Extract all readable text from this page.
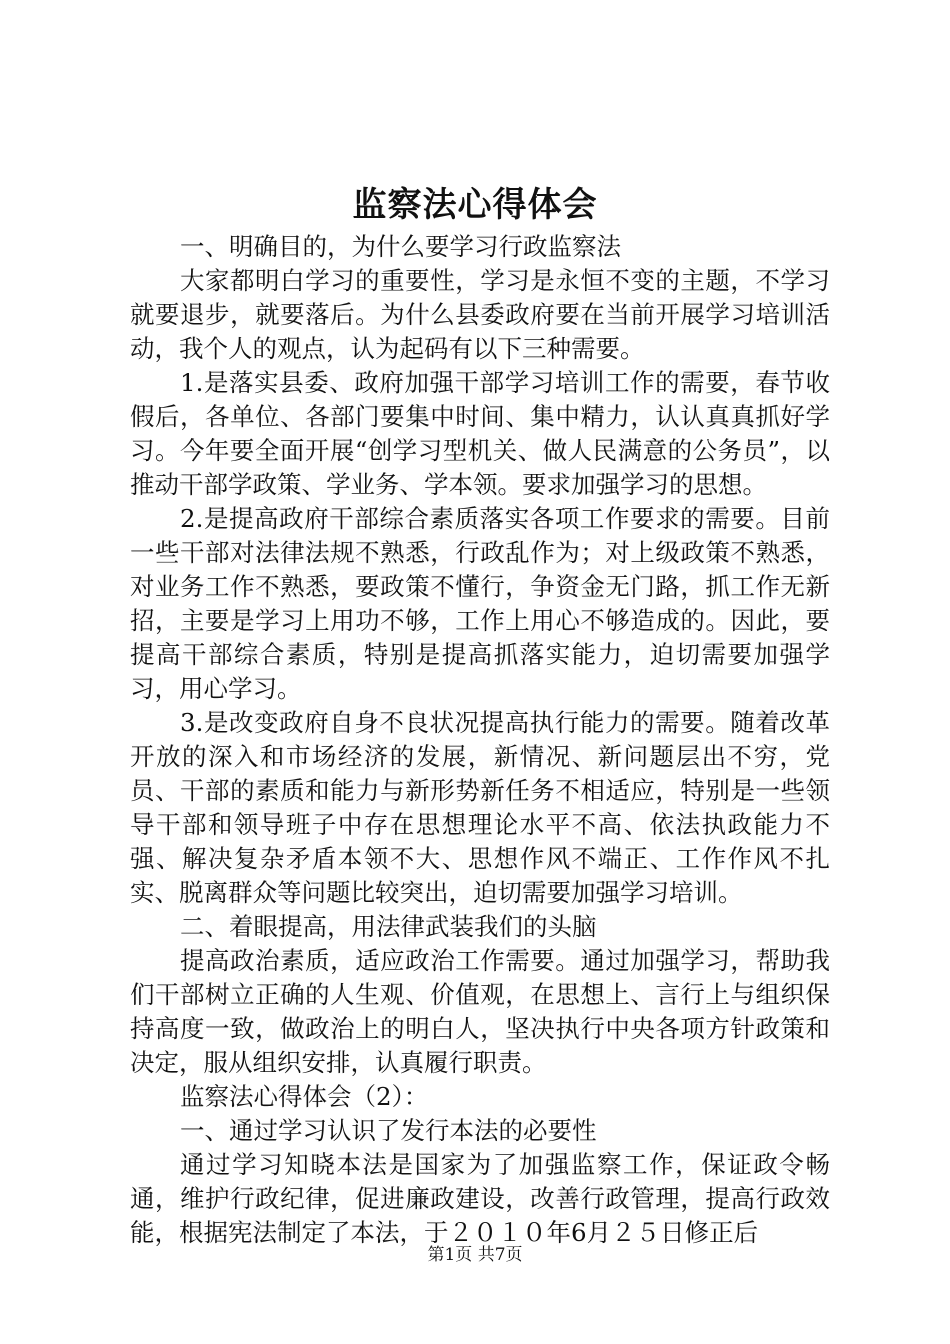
监察法心得体会

一、明确目的，为什么要学习行政监察法

大家都明白学习的重要性，学习是永恒不变的主题，不学习就要退步，就要落后。为什么县委政府要在当前开展学习培训活动，我个人的观点，认为起码有以下三种需要。

1.是落实县委、政府加强干部学习培训工作的需要，春节收假后，各单位、各部门要集中时间、集中精力，认认真真抓好学习。今年要全面开展“创学习型机关、做人民满意的公务员”，以推动干部学政策、学业务、学本领。要求加强学习的思想。

2.是提高政府干部综合素质落实各项工作要求的需要。目前一些干部对法律法规不熟悉，行政乱作为；对上级政策不熟悉，对业务工作不熟悉，要政策不懂行，争资金无门路，抓工作无新招，主要是学习上用功不够，工作上用心不够造成的。因此，要提高干部综合素质，特别是提高抓落实能力，迫切需要加强学习，用心学习。

3.是改变政府自身不良状况提高执行能力的需要。随着改革开放的深入和市场经济的发展，新情况、新问题层出不穷，党员、干部的素质和能力与新形势新任务不相适应，特别是一些领导干部和领导班子中存在思想理论水平不高、依法执政能力不强、解决复杂矛盾本领不大、思想作风不端正、工作作风不扎实、脱离群众等问题比较突出，迫切需要加强学习培训。

二、着眼提高，用法律武装我们的头脑

提高政治素质，适应政治工作需要。通过加强学习，帮助我们干部树立正确的人生观、价值观，在思想上、言行上与组织保持高度一致，做政治上的明白人，坚决执行中央各项方针政策和决定，服从组织安排，认真履行职责。

监察法心得体会（2）：

一、通过学习认识了发行本法的必要性

通过学习知晓本法是国家为了加强监察工作，保证政令畅通，维护行政纪律，促进廉政建设，改善行政管理，提高行政效能，根据宪法制定了本法，于２０１０年6月２５日修正后

第1页 共7页
